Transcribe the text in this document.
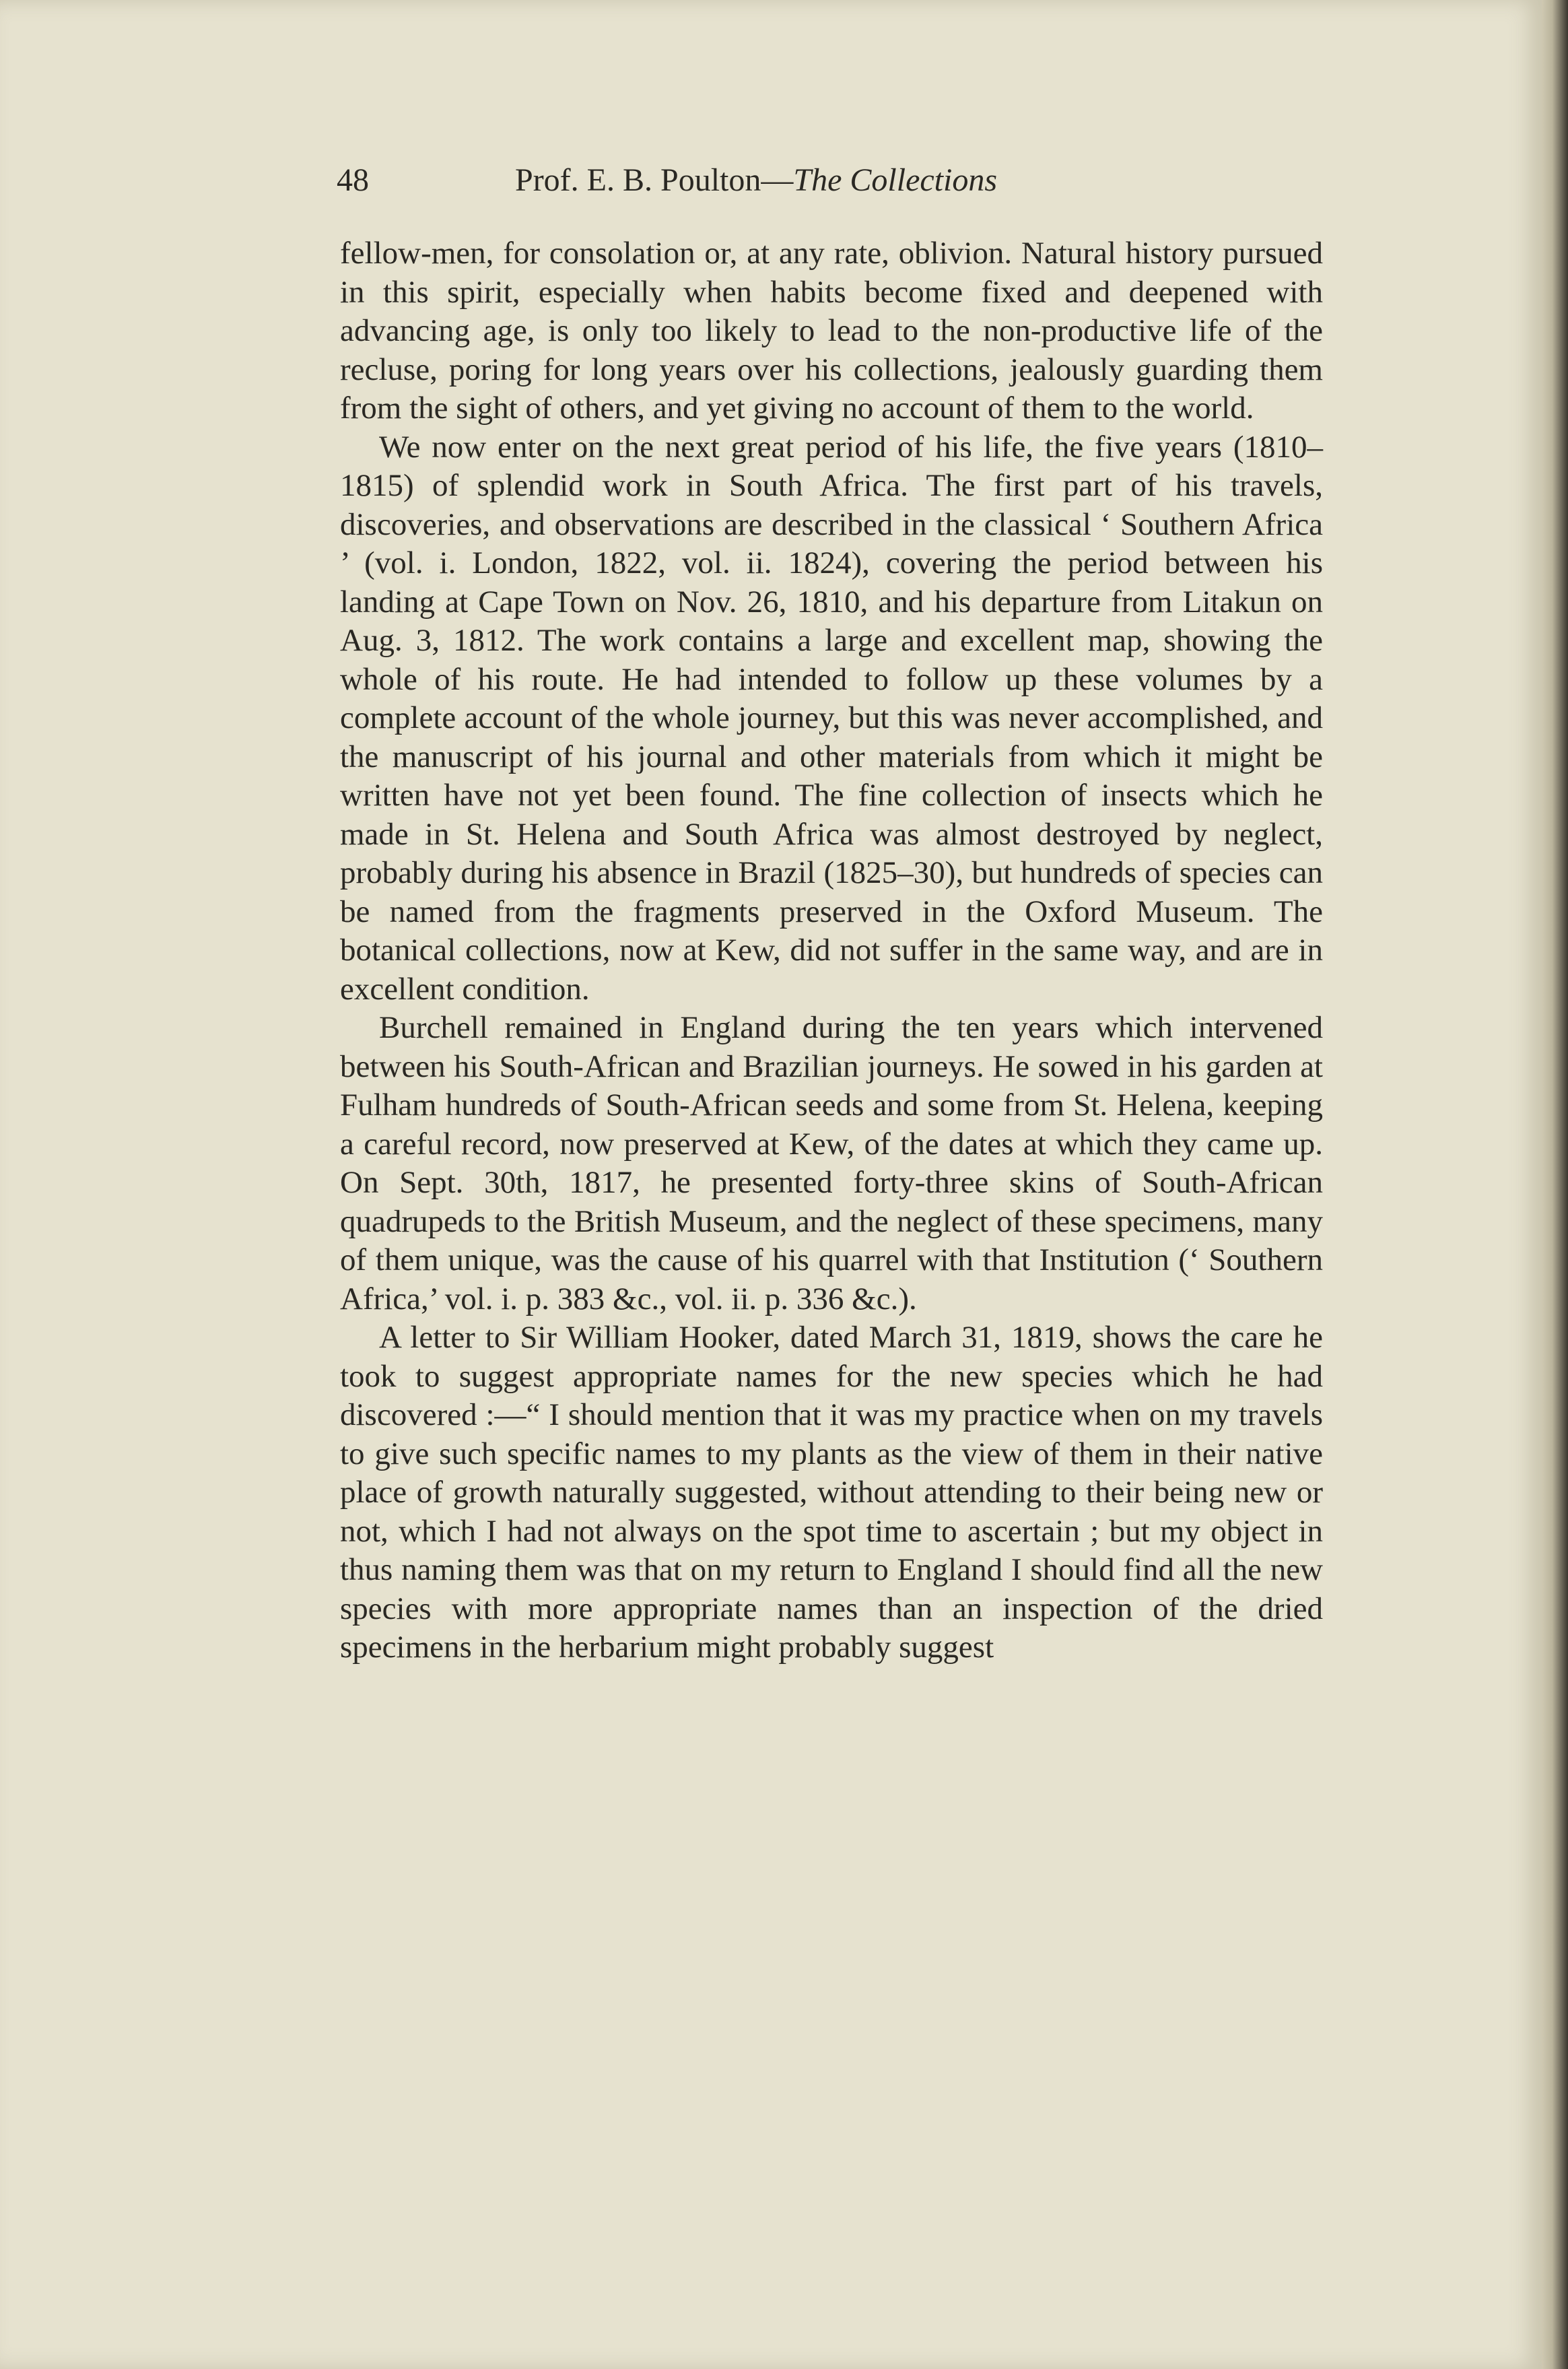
48	Prof. E. B. Poulton—The Collections

fellow-men, for consolation or, at any rate, oblivion. Natural history pursued in this spirit, especially when habits become fixed and deepened with advancing age, is only too likely to lead to the non-productive life of the recluse, poring for long years over his collections, jealously guarding them from the sight of others, and yet giving no account of them to the world.

We now enter on the next great period of his life, the five years (1810–1815) of splendid work in South Africa. The first part of his travels, discoveries, and observations are described in the classical ‘ Southern Africa ’ (vol. i. London, 1822, vol. ii. 1824), covering the period between his landing at Cape Town on Nov. 26, 1810, and his departure from Litakun on Aug. 3, 1812. The work contains a large and excellent map, showing the whole of his route. He had intended to follow up these volumes by a complete account of the whole journey, but this was never accomplished, and the manuscript of his journal and other materials from which it might be written have not yet been found. The fine collection of insects which he made in St. Helena and South Africa was almost destroyed by neglect, probably during his absence in Brazil (1825–30), but hundreds of species can be named from the fragments preserved in the Oxford Museum. The botanical collections, now at Kew, did not suffer in the same way, and are in excellent condition.

Burchell remained in England during the ten years which intervened between his South-African and Brazilian journeys. He sowed in his garden at Fulham hundreds of South-African seeds and some from St. Helena, keeping a careful record, now preserved at Kew, of the dates at which they came up. On Sept. 30th, 1817, he presented forty-three skins of South-African quadrupeds to the British Museum, and the neglect of these specimens, many of them unique, was the cause of his quarrel with that Institution (‘ Southern Africa,’ vol. i. p. 383 &c., vol. ii. p. 336 &c.).

A letter to Sir William Hooker, dated March 31, 1819, shows the care he took to suggest appropriate names for the new species which he had discovered :—“ I should mention that it was my practice when on my travels to give such specific names to my plants as the view of them in their native place of growth naturally suggested, without attending to their being new or not, which I had not always on the spot time to ascertain ; but my object in thus naming them was that on my return to England I should find all the new species with more appropriate names than an inspection of the dried specimens in the herbarium might probably suggest
